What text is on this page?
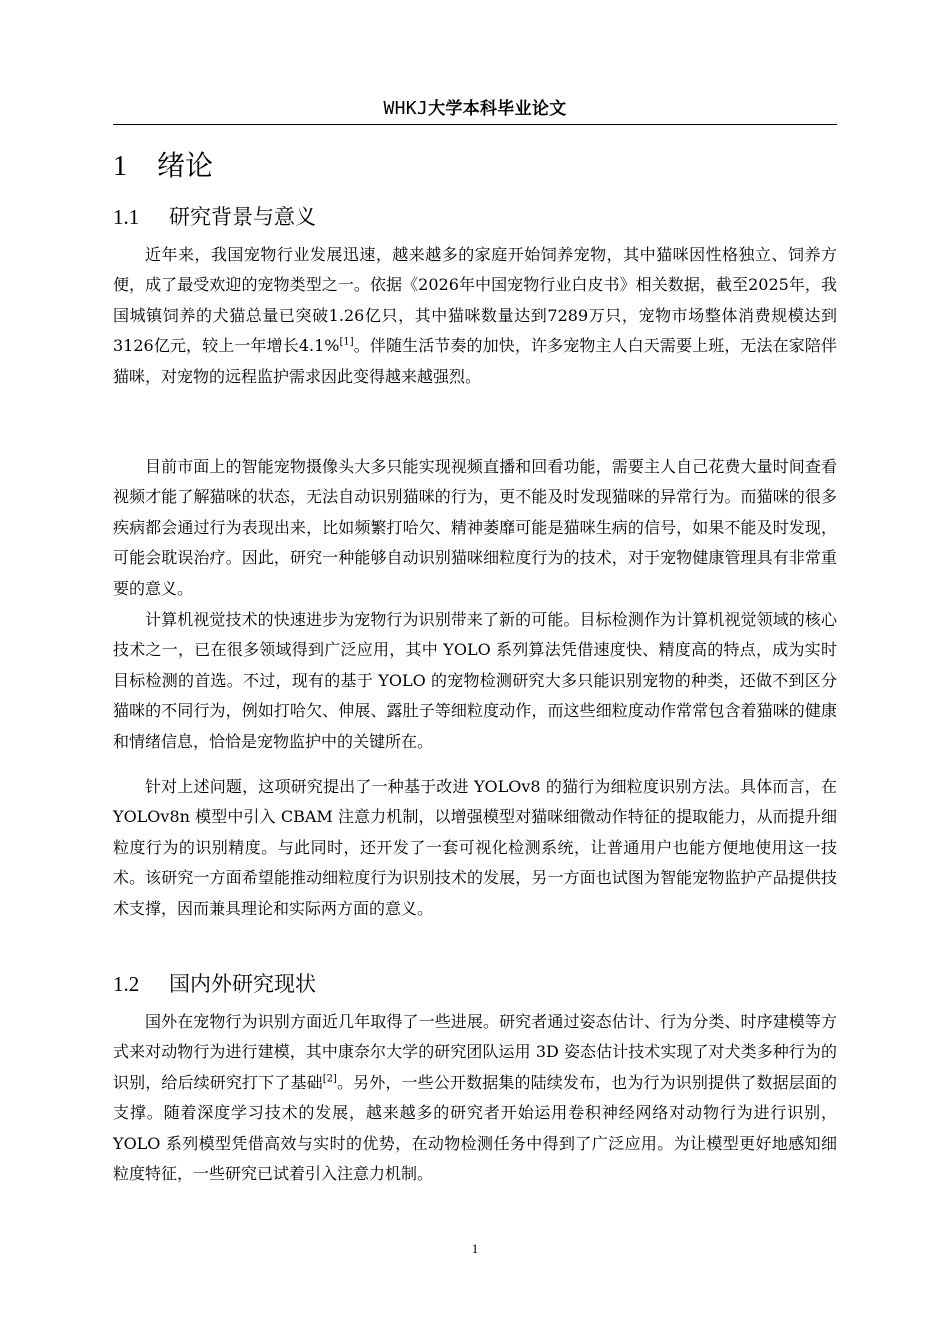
WHKJ大学本科毕业论文
1 绪论
1.1 研究背景与意义

近年来，我国宠物行业发展迅速，越来越多的家庭开始饲养宠物，其中猫咪因性格独立、饲养方便，成了最受欢迎的宠物类型之一。依据《2026年中国宠物行业白皮书》相关数据，截至2025年，我国城镇饲养的犬猫总量已突破1.26亿只，其中猫咪数量达到7289万只，宠物市场整体消费规模达到3126亿元，较上一年增长4.1%[1]。伴随生活节奏的加快，许多宠物主人白天需要上班，无法在家陪伴猫咪，对宠物的远程监护需求因此变得越来越强烈。

目前市面上的智能宠物摄像头大多只能实现视频直播和回看功能，需要主人自己花费大量时间查看视频才能了解猫咪的状态，无法自动识别猫咪的行为，更不能及时发现猫咪的异常行为。而猫咪的很多疾病都会通过行为表现出来，比如频繁打哈欠、精神萎靡可能是猫咪生病的信号，如果不能及时发现，可能会耽误治疗。因此，研究一种能够自动识别猫咪细粒度行为的技术，对于宠物健康管理具有非常重要的意义。

计算机视觉技术的快速进步为宠物行为识别带来了新的可能。目标检测作为计算机视觉领域的核心技术之一，已在很多领域得到广泛应用，其中 YOLO 系列算法凭借速度快、精度高的特点，成为实时目标检测的首选。不过，现有的基于 YOLO 的宠物检测研究大多只能识别宠物的种类，还做不到区分猫咪的不同行为，例如打哈欠、伸展、露肚子等细粒度动作，而这些细粒度动作常常包含着猫咪的健康和情绪信息，恰恰是宠物监护中的关键所在。

针对上述问题，这项研究提出了一种基于改进 YOLOv8 的猫行为细粒度识别方法。具体而言，在 YOLOv8n 模型中引入 CBAM 注意力机制，以增强模型对猫咪细微动作特征的提取能力，从而提升细粒度行为的识别精度。与此同时，还开发了一套可视化检测系统，让普通用户也能方便地使用这一技术。该研究一方面希望能推动细粒度行为识别技术的发展，另一方面也试图为智能宠物监护产品提供技术支撑，因而兼具理论和实际两方面的意义。

1.2 国内外研究现状

国外在宠物行为识别方面近几年取得了一些进展。研究者通过姿态估计、行为分类、时序建模等方式来对动物行为进行建模，其中康奈尔大学的研究团队运用 3D 姿态估计技术实现了对犬类多种行为的识别，给后续研究打下了基础[2]。另外，一些公开数据集的陆续发布，也为行为识别提供了数据层面的支撑。随着深度学习技术的发展，越来越多的研究者开始运用卷积神经网络对动物行为进行识别，YOLO 系列模型凭借高效与实时的优势，在动物检测任务中得到了广泛应用。为让模型更好地感知细粒度特征，一些研究已试着引入注意力机制。

1
